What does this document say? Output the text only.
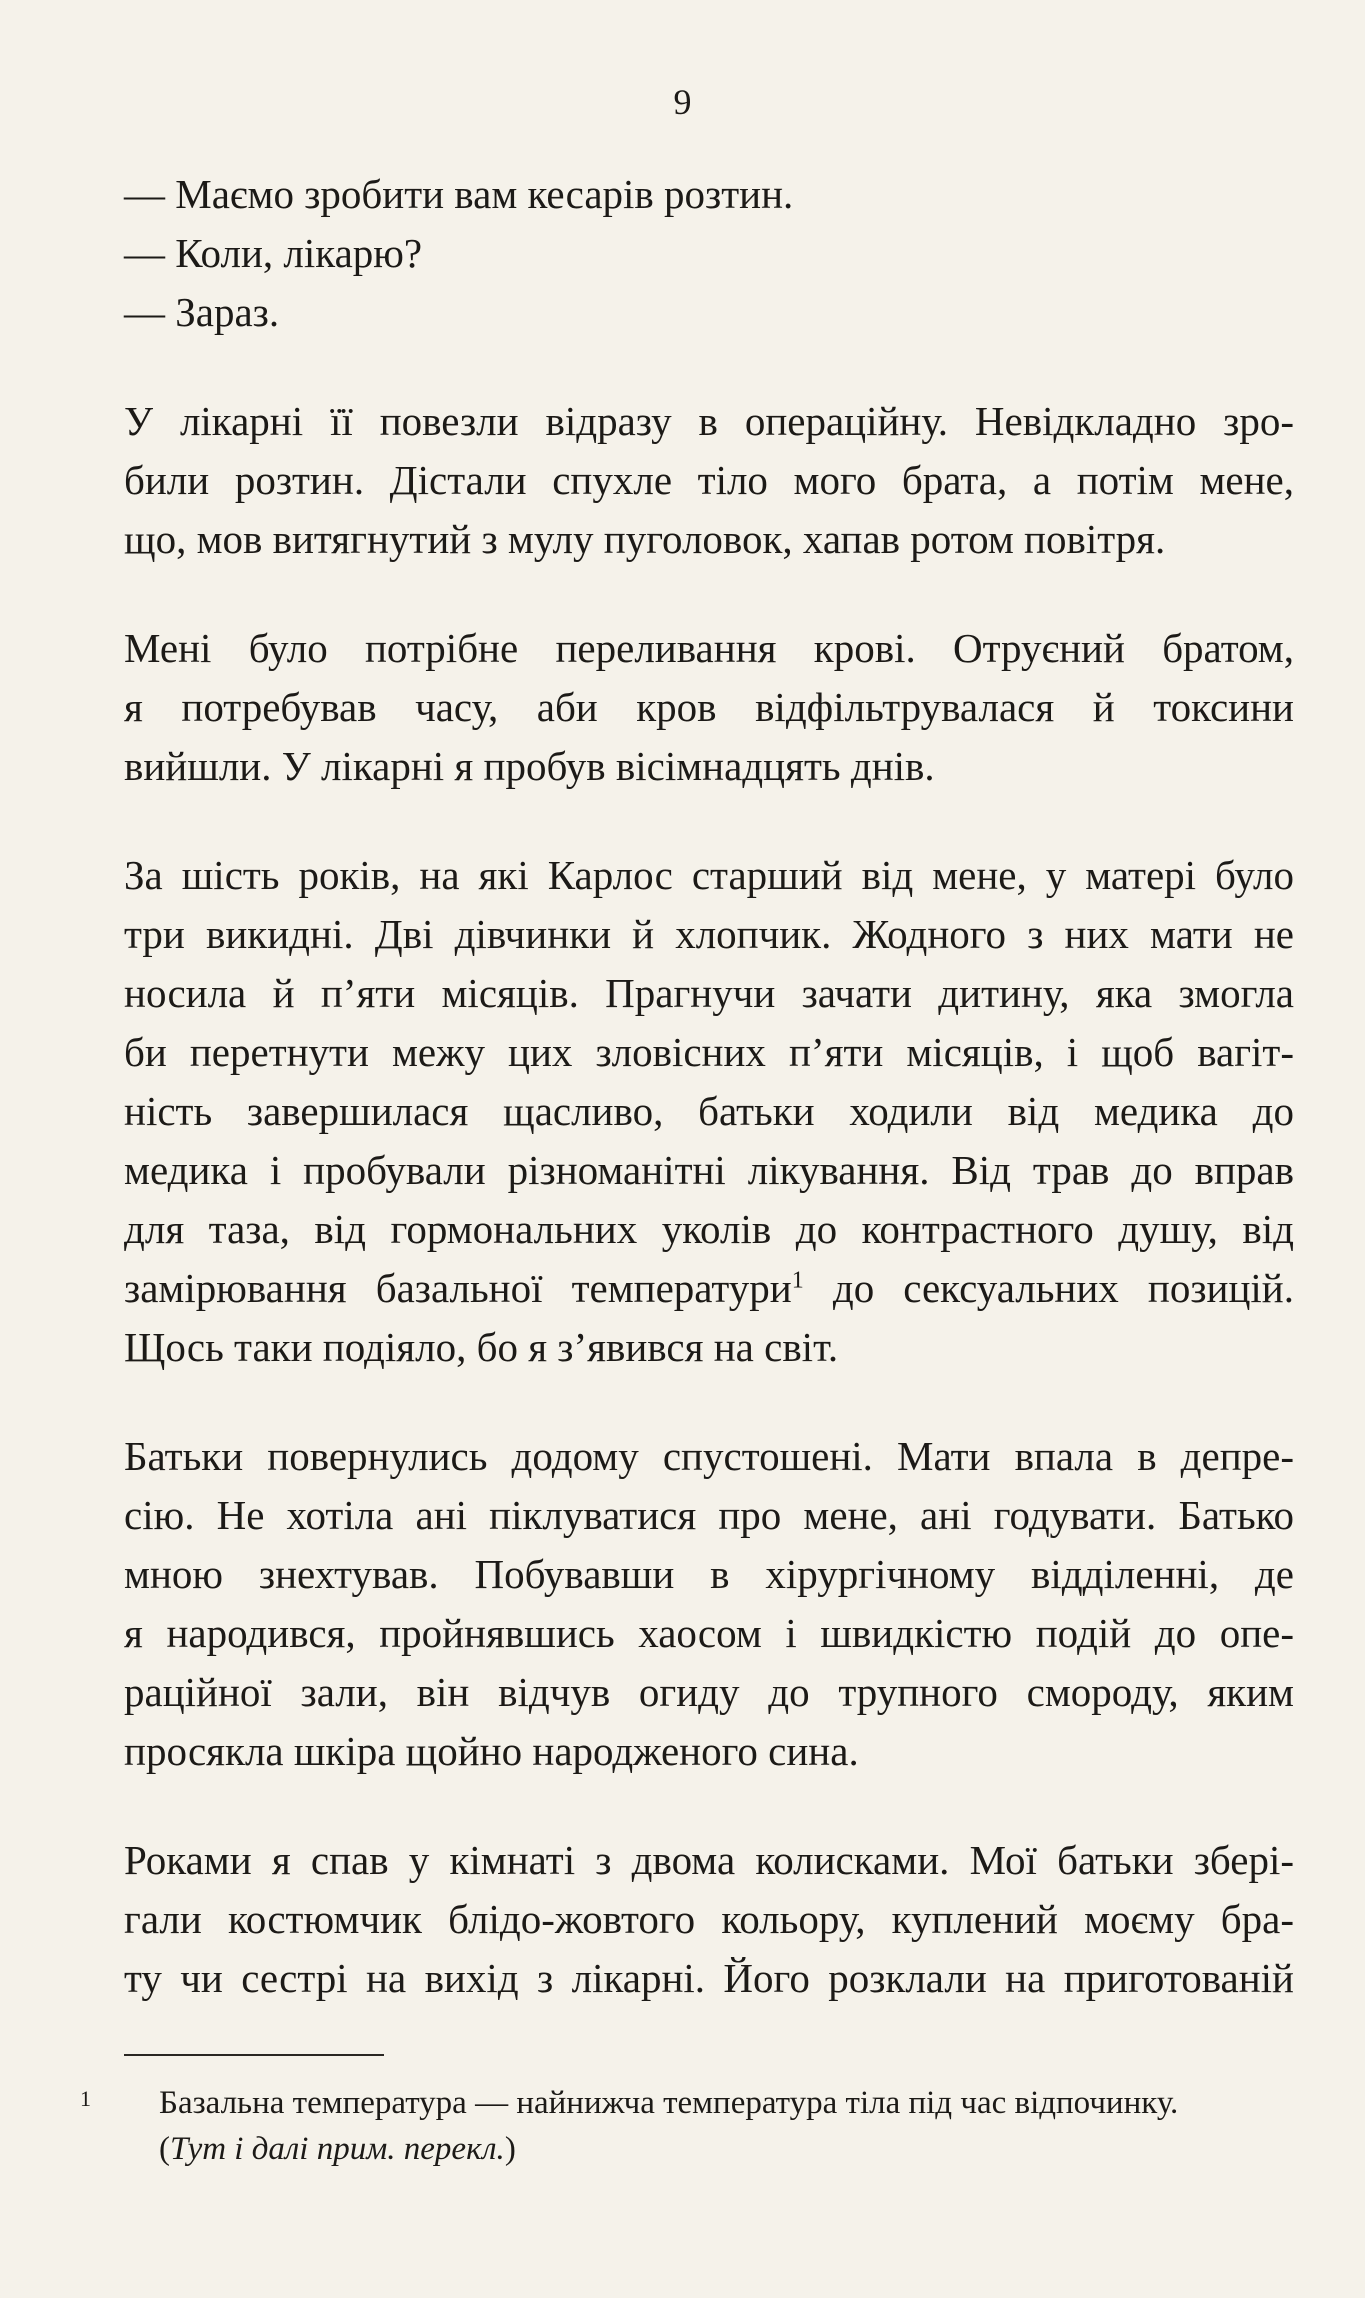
9

— Маємо зробити вам кесарів розтин.

— Коли, лікарю?

— Зараз.

У лікарні її повезли відразу в операційну. Невідкладно зро-
били розтин. Дістали спухле тіло мого брата, а потім мене,
що, мов витягнутий з мулу пуголовок, хапав ротом повітря.
Мені було потрібне переливання крові. Отруєний братом,
я потребував часу, аби кров відфільтрувалася й токсини
вийшли. У лікарні я пробув вісімнадцять днів.
За шість років, на які Карлос старший від мене, у матері було
три викидні. Дві дівчинки й хлопчик. Жодного з них мати не
носила й п’яти місяців. Прагнучи зачати дитину, яка змогла
би перетнути межу цих зловісних п’яти місяців, і щоб вагіт-
ність завершилася щасливо, батьки ходили від медика до
медика і пробували різноманітні лікування. Від трав до вправ
для таза, від гормональних уколів до контрастного душу, від
замірювання базальної температури$^1$ до сексуальних позицій.
Щось таки подіяло, бо я з’явився на світ.
Батьки повернулись додому спустошені. Мати впала в депре-
сію. Не хотіла ані піклуватися про мене, ані годувати. Батько
мною знехтував. Побувавши в хірургічному відділенні, де
я народився, пройнявшись хаосом і швидкістю подій до опе-
раційної зали, він відчув огиду до трупного смороду, яким
просякла шкіра щойно народженого сина.
Роками я спав у кімнаті з двома колисками. Мої батьки зберi-
гали костюмчик блідо-жовтого кольору, куплений моєму бра-
ту чи сестрі на вихід з лікарні. Його розклали на приготованій
1 Базальна температура — найнижча температура тіла під час відпочинку.
(Тут і далі прим. перекл.)
